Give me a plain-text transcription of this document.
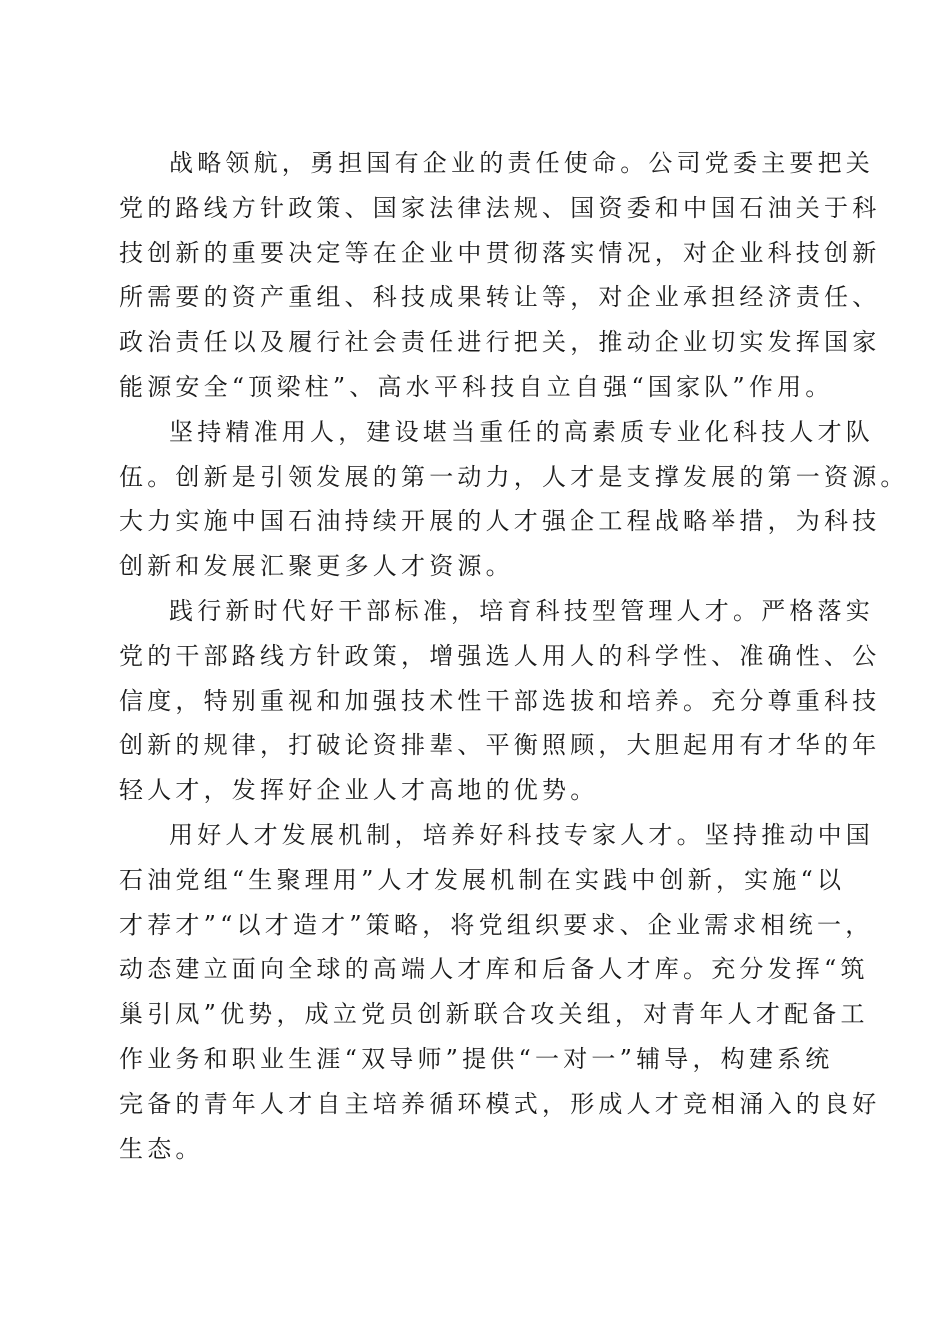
战略领航，勇担国有企业的责任使命。公司党委主要把关
党的路线方针政策、国家法律法规、国资委和中国石油关于科
技创新的重要决定等在企业中贯彻落实情况，对企业科技创新
所需要的资产重组、科技成果转让等，对企业承担经济责任、
政治责任以及履行社会责任进行把关，推动企业切实发挥国家
能源安全“顶梁柱”、高水平科技自立自强“国家队”作用。
坚持精准用人，建设堪当重任的高素质专业化科技人才队
伍。创新是引领发展的第一动力，人才是支撑发展的第一资源。
大力实施中国石油持续开展的人才强企工程战略举措，为科技
创新和发展汇聚更多人才资源。
践行新时代好干部标准，培育科技型管理人才。严格落实
党的干部路线方针政策，增强选人用人的科学性、准确性、公
信度，特别重视和加强技术性干部选拔和培养。充分尊重科技
创新的规律，打破论资排辈、平衡照顾，大胆起用有才华的年
轻人才，发挥好企业人才高地的优势。
用好人才发展机制，培养好科技专家人才。坚持推动中国
石油党组“生聚理用”人才发展机制在实践中创新，实施“以
才荐才”“以才造才”策略，将党组织要求、企业需求相统一，
动态建立面向全球的高端人才库和后备人才库。充分发挥“筑
巢引凤”优势，成立党员创新联合攻关组，对青年人才配备工
作业务和职业生涯“双导师”提供“一对一”辅导，构建系统
完备的青年人才自主培养循环模式，形成人才竞相涌入的良好
生态。
